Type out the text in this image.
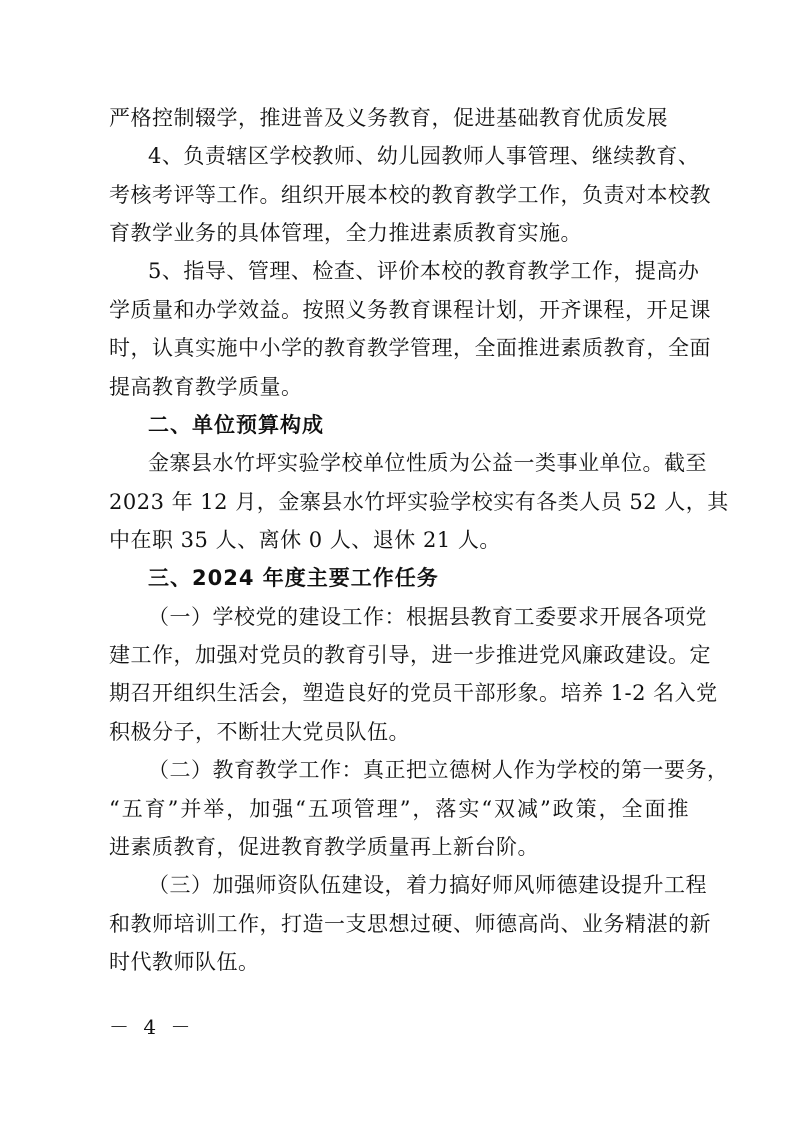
严格控制辍学，推进普及义务教育，促进基础教育优质发展
4、负责辖区学校教师、幼儿园教师人事管理、继续教育、
考核考评等工作。组织开展本校的教育教学工作，负责对本校教
育教学业务的具体管理，全力推进素质教育实施。
5、指导、管理、检查、评价本校的教育教学工作，提高办
学质量和办学效益。按照义务教育课程计划，开齐课程，开足课
时，认真实施中小学的教育教学管理，全面推进素质教育，全面
提高教育教学质量。
二、单位预算构成
金寨县水竹坪实验学校单位性质为公益一类事业单位。截至
2023 年 12 月，金寨县水竹坪实验学校实有各类人员 52 人，其
中在职 35 人、离休 0 人、退休 21 人。
三、2024 年度主要工作任务
（一）学校党的建设工作：根据县教育工委要求开展各项党
建工作，加强对党员的教育引导，进一步推进党风廉政建设。定
期召开组织生活会，塑造良好的党员干部形象。培养 1-2 名入党
积极分子，不断壮大党员队伍。
（二）教育教学工作：真正把立德树人作为学校的第一要务，
“五育”并举，加强“五项管理”，落实“双减”政策，全面推
进素质教育，促进教育教学质量再上新台阶。
（三）加强师资队伍建设，着力搞好师风师德建设提升工程
和教师培训工作，打造一支思想过硬、师德高尚、业务精湛的新
时代教师队伍。
－ 4 －
